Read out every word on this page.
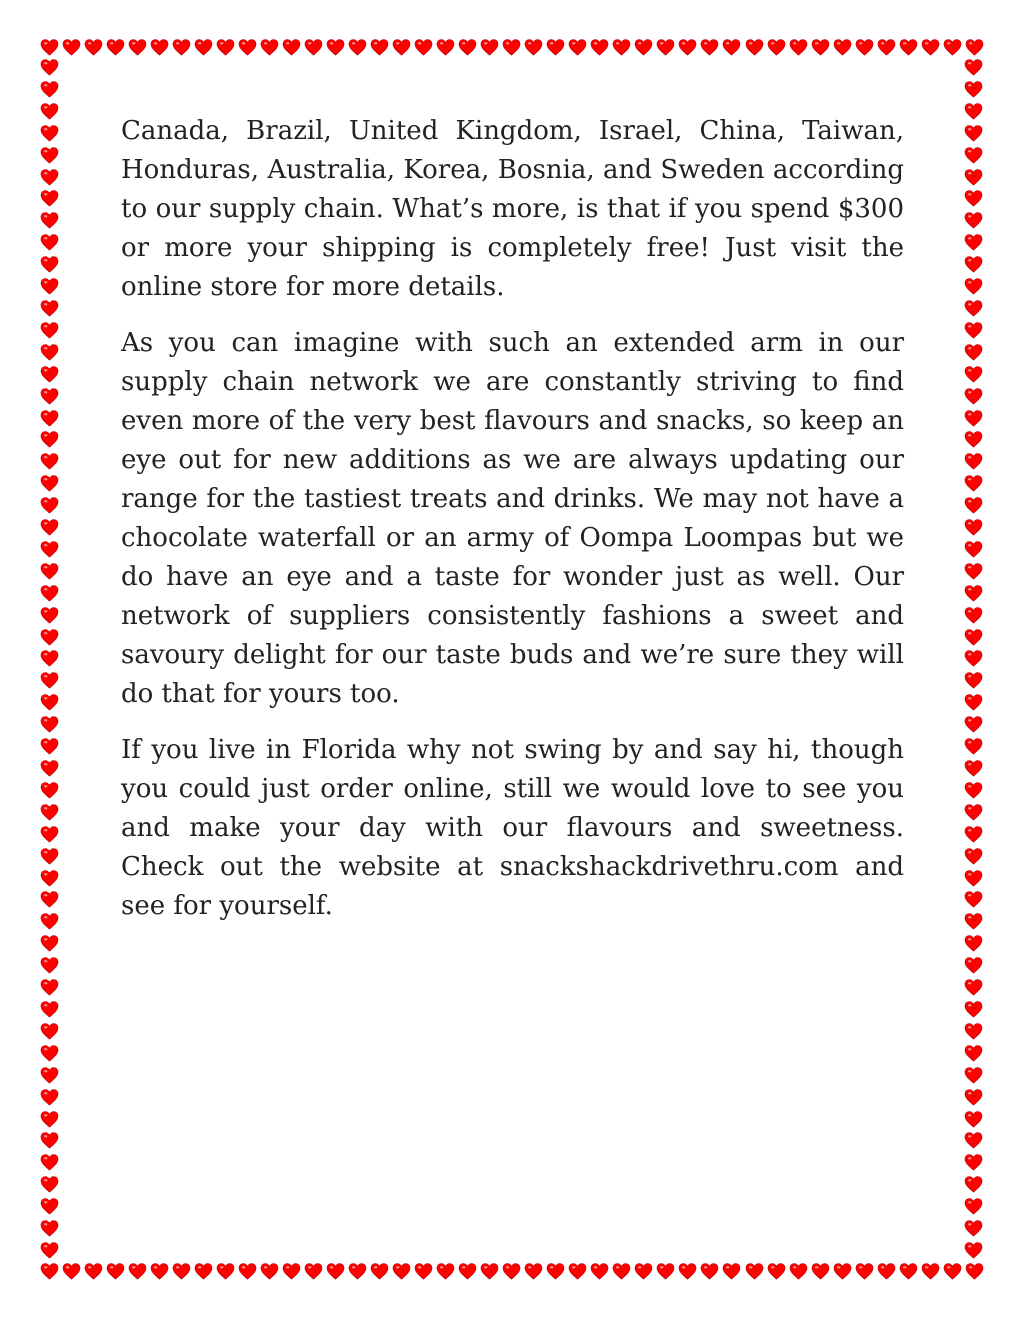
Canada, Brazil, United Kingdom, Israel, China, Taiwan, Honduras, Australia, Korea, Bosnia, and Sweden according to our supply chain. What’s more, is that if you spend $300 or more your shipping is completely free! Just visit the online store for more details.

As you can imagine with such an extended arm in our supply chain network we are constantly striving to find even more of the very best flavours and snacks, so keep an eye out for new additions as we are always updating our range for the tastiest treats and drinks. We may not have a chocolate waterfall or an army of Oompa Loompas but we do have an eye and a taste for wonder just as well. Our network of suppliers consistently fashions a sweet and savoury delight for our taste buds and we’re sure they will do that for yours too.

If you live in Florida why not swing by and say hi, though you could just order online, still we would love to see you and make your day with our flavours and sweetness. Check out the website at snackshackdrivethru.com and see for yourself.
